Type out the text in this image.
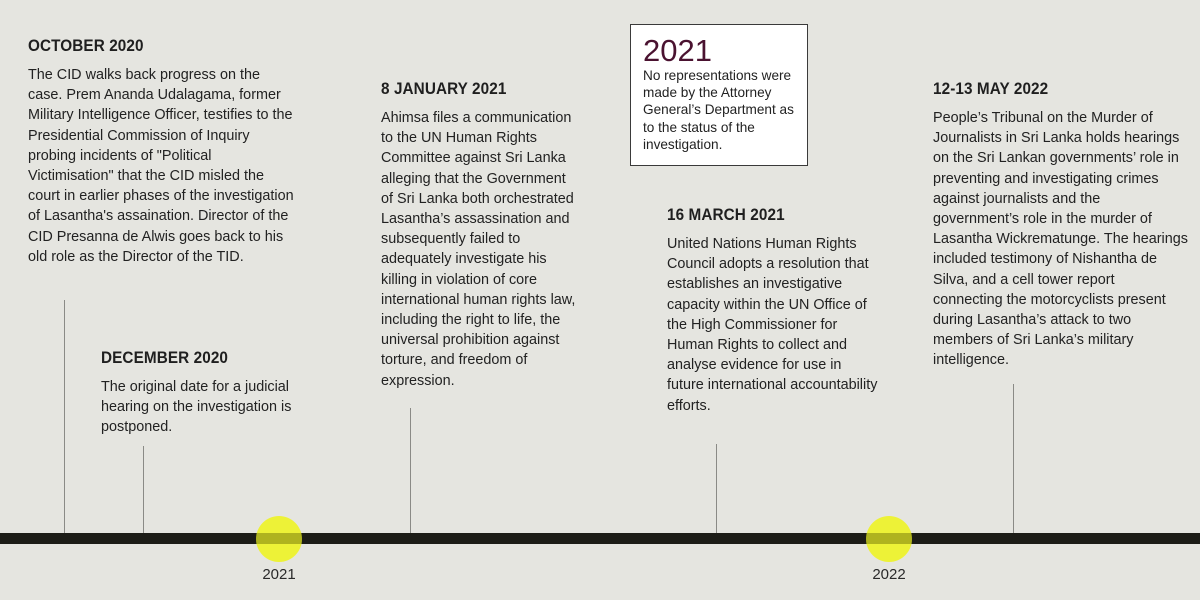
OCTOBER 2020

The CID walks back progress on the case. Prem Ananda Udalagama, former Military Intelligence Officer, testifies to the Presidential Commission of Inquiry probing incidents of "Political Victimisation" that the CID misled the court in earlier phases of the investigation of Lasantha's assaination. Director of the CID Presanna de Alwis goes back to his old role as the Director of the TID.

DECEMBER 2020

The original date for a judicial hearing on the investigation is postponed.

8 JANUARY 2021

Ahimsa files a communication to the UN Human Rights Committee against Sri Lanka alleging that the Government of Sri Lanka both orchestrated Lasantha’s assassination and subsequently failed to adequately investigate his killing in violation of core international human rights law, including the right to life, the universal prohibition against torture, and freedom of expression.

16 MARCH 2021

United Nations Human Rights Council adopts a resolution that establishes an investigative capacity within the UN Office of the High Commissioner for Human Rights to collect and analyse evidence for use in future international accountability efforts.

12-13 MAY 2022

People’s Tribunal on the Murder of Journalists in Sri Lanka holds hearings on the Sri Lankan governments’ role in preventing and investigating crimes against journalists and the government’s role in the murder of Lasantha Wickrematunge. The hearings included testimony of Nishantha de Silva, and a cell tower report connecting the motorcyclists present during Lasantha’s attack to two members of Sri Lanka’s military intelligence.

2021

No representations were made by the Attorney General’s Department as to the status of the investigation.

2021	2022
